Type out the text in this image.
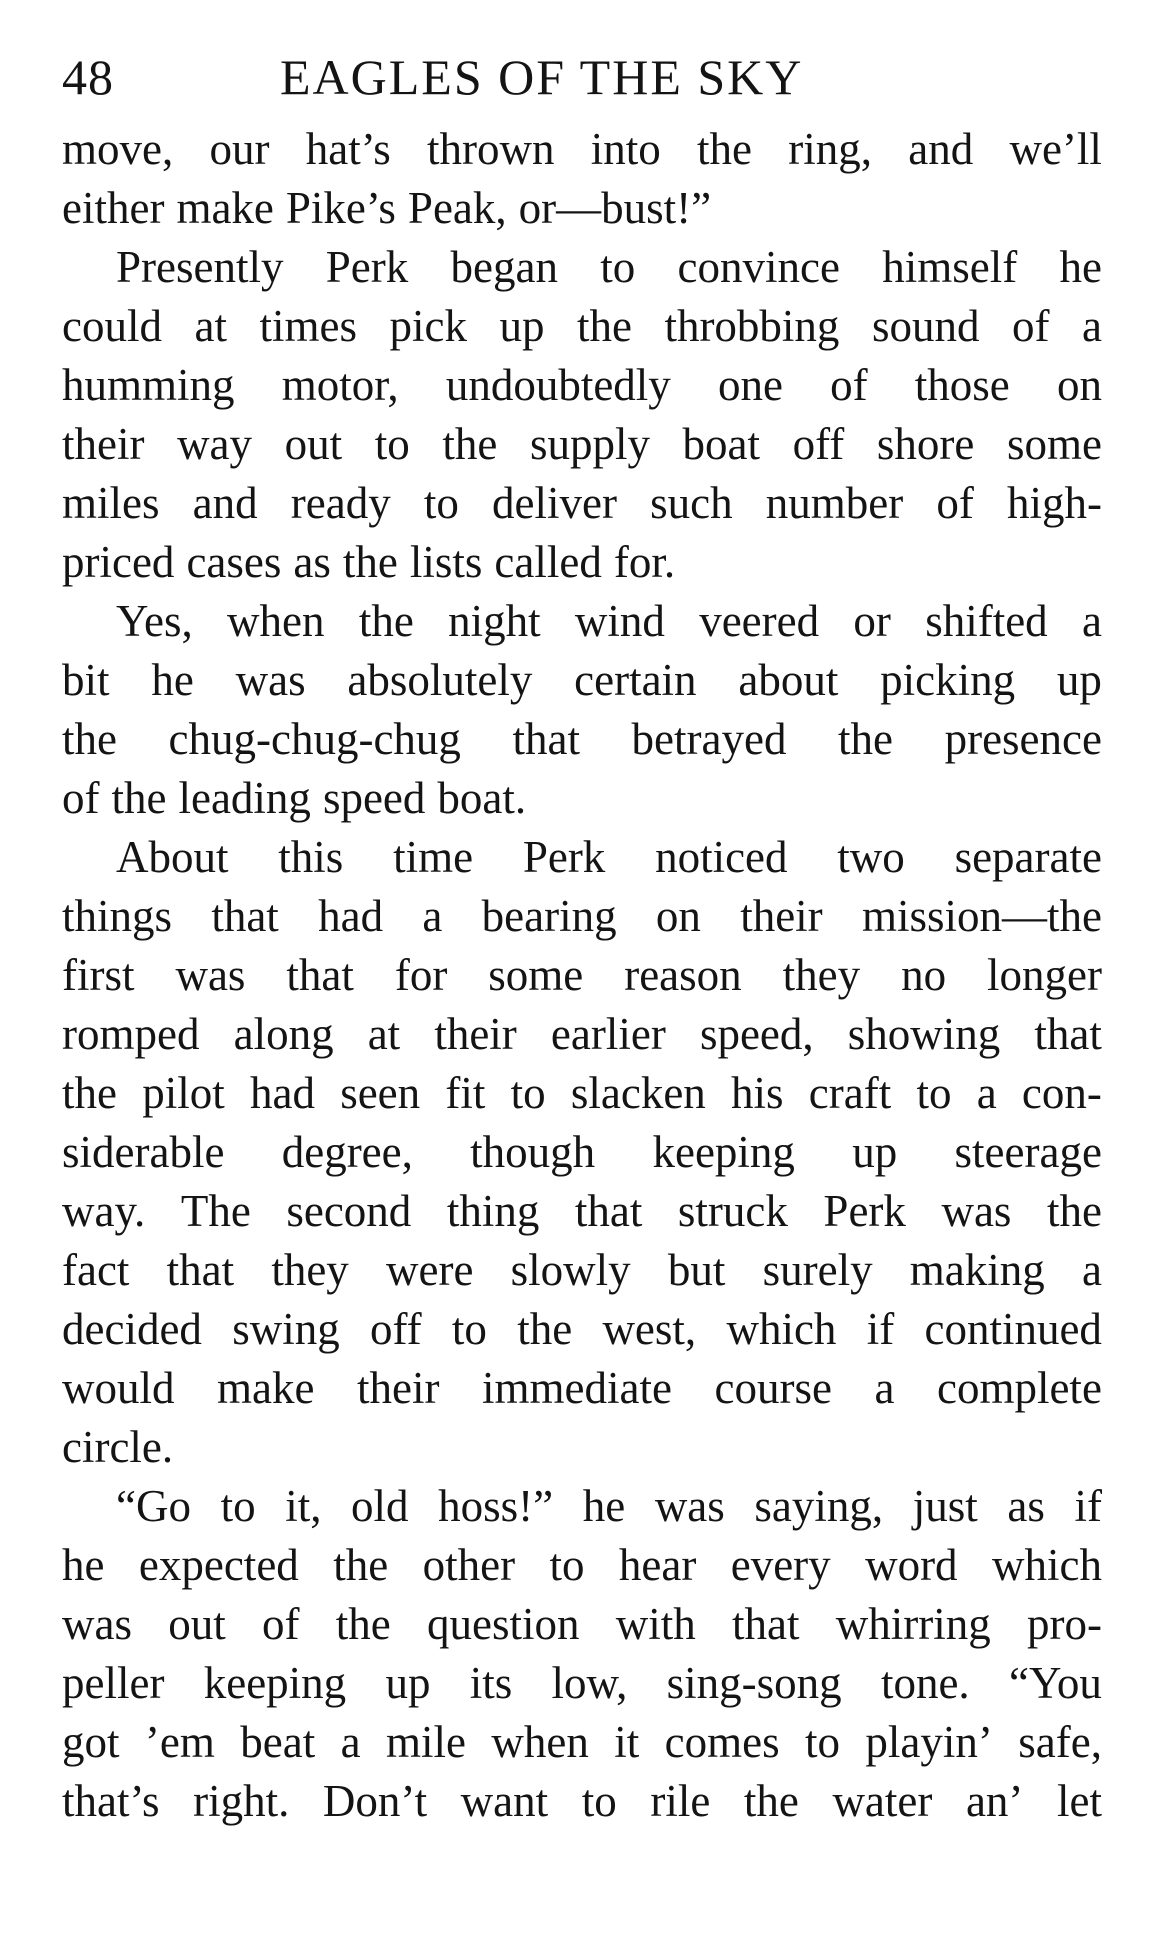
48	EAGLES OF THE SKY
move, our hat’s thrown into the ring, and we’ll
either make Pike’s Peak, or—bust!”
Presently Perk began to convince himself he
could at times pick up the throbbing sound of a
humming motor, undoubtedly one of those on
their way out to the supply boat off shore some
miles and ready to deliver such number of high-
priced cases as the lists called for.
Yes, when the night wind veered or shifted a
bit he was absolutely certain about picking up
the chug-chug-chug that betrayed the presence
of the leading speed boat.
About this time Perk noticed two separate
things that had a bearing on their mission—the
first was that for some reason they no longer
romped along at their earlier speed, showing that
the pilot had seen fit to slacken his craft to a con-
siderable degree, though keeping up steerage
way. The second thing that struck Perk was the
fact that they were slowly but surely making a
decided swing off to the west, which if continued
would make their immediate course a complete
circle.
“Go to it, old hoss!” he was saying, just as if
he expected the other to hear every word which
was out of the question with that whirring pro-
peller keeping up its low, sing-song tone. “You
got ’em beat a mile when it comes to playin’ safe,
that’s right. Don’t want to rile the water an’ let
